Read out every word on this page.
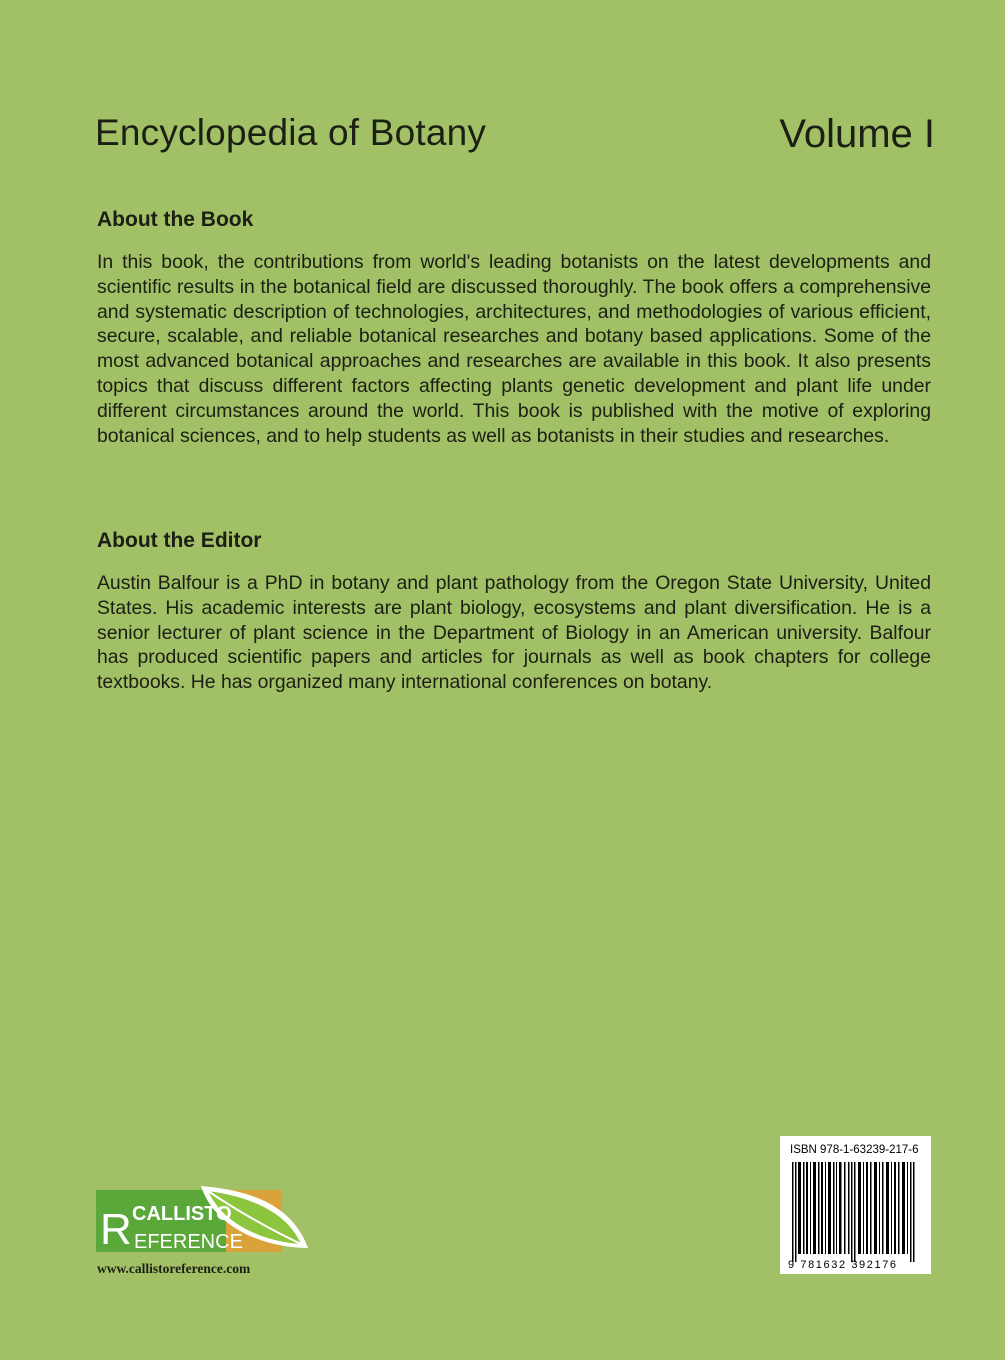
Encyclopedia of Botany	Volume I
About the Book

In this book, the contributions from world's leading botanists on the latest developments and scientific results in the botanical field are discussed thoroughly. The book offers a comprehensive and systematic description of technologies, architectures, and methodologies of various efficient, secure, scalable, and reliable botanical researches and botany based applications. Some of the most advanced botanical approaches and researches are available in this book. It also presents topics that discuss different factors affecting plants genetic development and plant life under different circumstances around the world. This book is published with the motive of exploring botanical sciences, and to help students as well as botanists in their studies and researches.

About the Editor

Austin Balfour is a PhD in botany and plant pathology from the Oregon State University, United States. His academic interests are plant biology, ecosystems and plant diversification. He is a senior lecturer of plant science in the Department of Biology in an American university. Balfour has produced scientific papers and articles for journals as well as book chapters for college textbooks. He has organized many international conferences on botany.

R CALLISTO
EFERENCE
www.callistoreference.com
ISBN 978-1-63239-217-6
9 781632 392176
